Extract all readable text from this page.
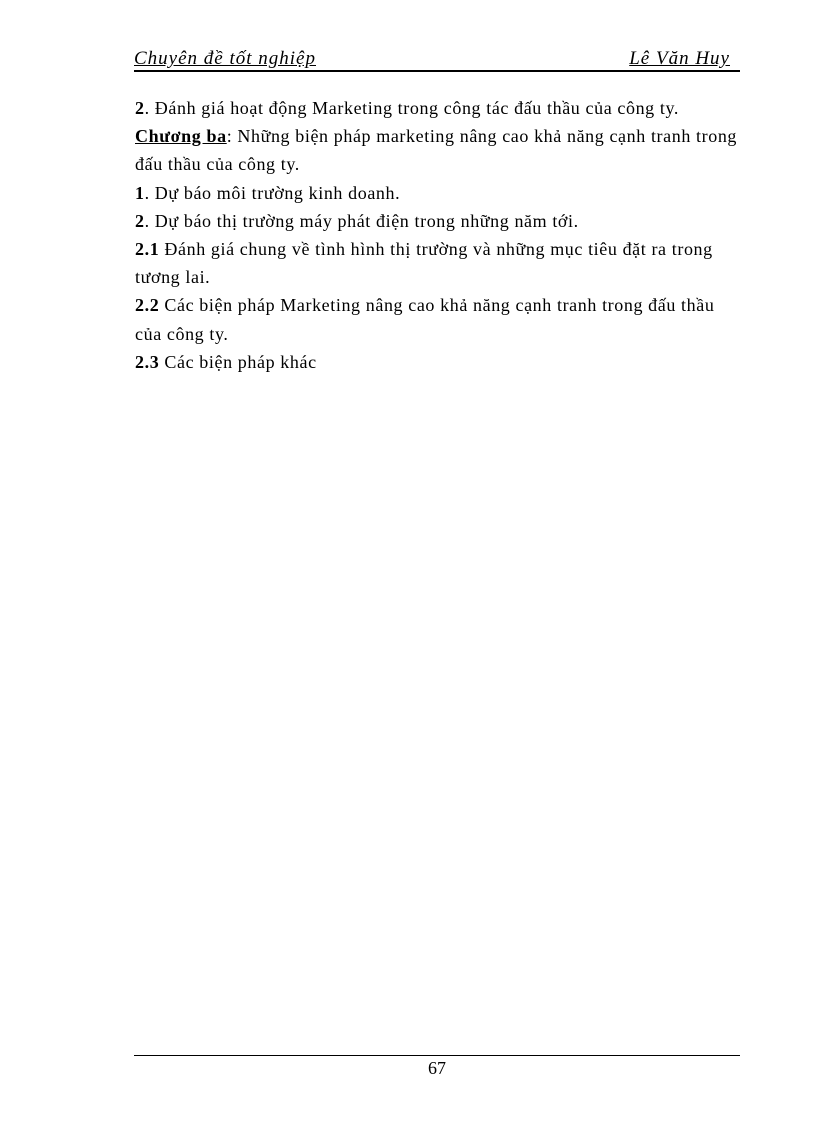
Chuyên đề tốt nghiệp	Lê Văn Huy

2. Đánh giá hoạt động Marketing trong công tác đấu thầu của công ty.

Chương ba: Những biện pháp marketing nâng cao khả năng cạnh tranh trong đấu thầu của công ty.

1. Dự báo môi trường kinh doanh.

2. Dự báo thị trường máy phát điện trong những năm tới.

2.1 Đánh giá chung về tình hình thị trường và những mục tiêu đặt ra trong tương lai.

2.2 Các biện pháp Marketing nâng cao khả năng cạnh tranh trong đấu thầu của công ty.

2.3 Các biện pháp khác

67
